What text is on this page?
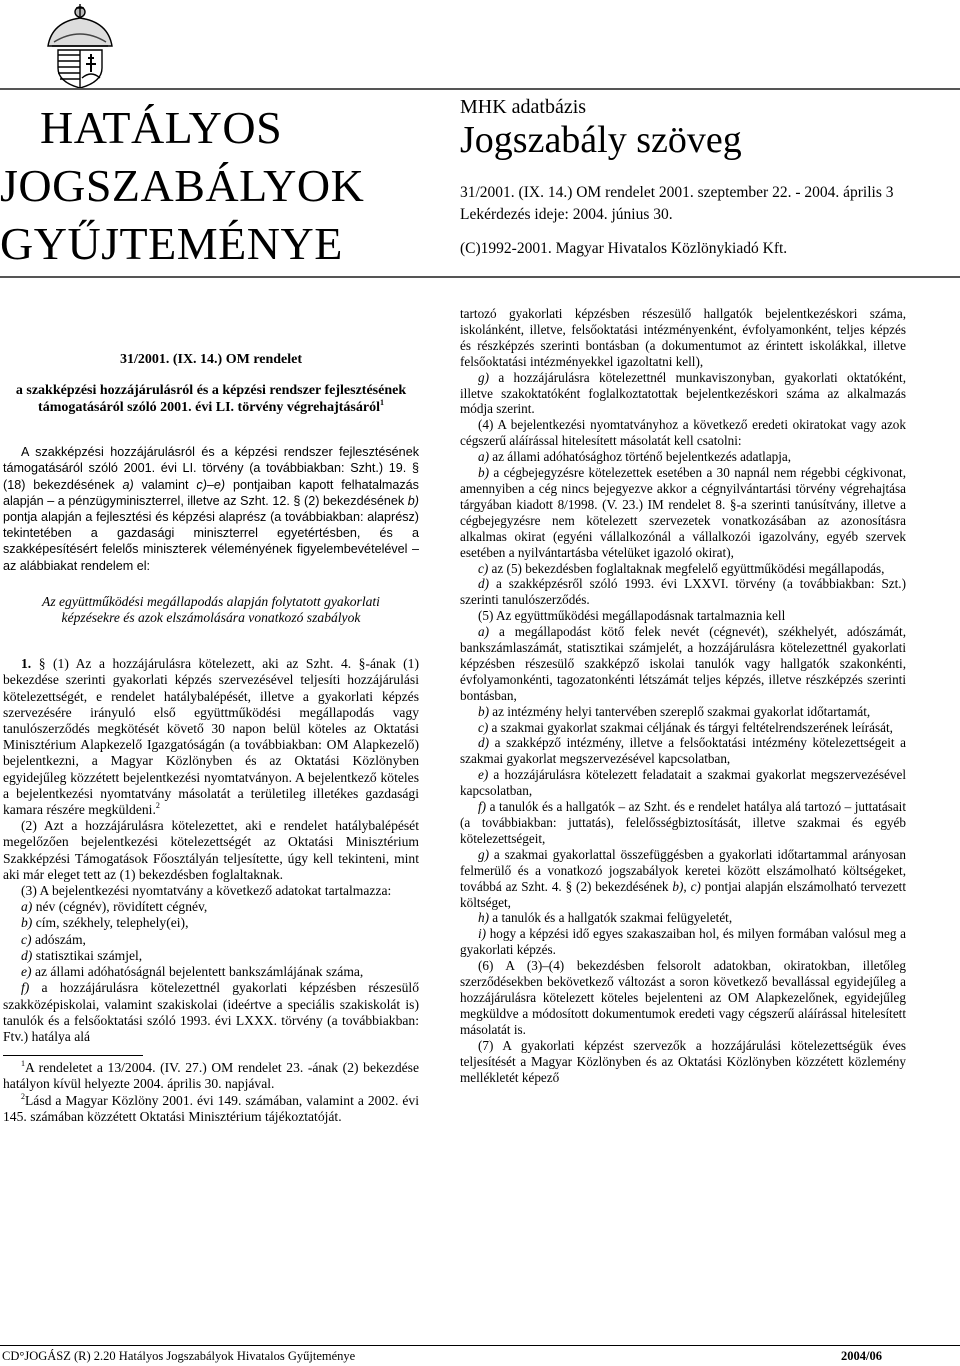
HATÁLYOS
JOGSZABÁLYOK
GYŰJTEMÉNYE
MHK adatbázis
Jogszabály szöveg
31/2001. (IX. 14.) OM rendelet 2001. szeptember 22. - 2004. április 3
Lekérdezés ideje: 2004. június 30.
(C)1992-2001. Magyar Hivatalos Közlönykiadó Kft.

31/2001. (IX. 14.) OM rendelet

a szakképzési hozzájárulásról és a képzési rendszer fejlesztésének támogatásáról szóló 2001. évi LI. törvény végrehajtásáról$^1$

A szakképzési hozzájárulásról és a képzési rendszer fejlesztésének támogatásáról szóló 2001. évi LI. törvény (a továbbiakban: Szht.) 19. § (18) bekezdésének a) valamint c)–e) pontjaiban kapott felhatalmazás alapján – a pénzügyminiszterrel, illetve az Szht. 12. § (2) bekezdésének b) pontja alapján a fejlesztési és képzési alaprész (a továbbiakban: alaprész) tekintetében a gazdasági miniszterrel egyetértésben, és a szakképesítésért felelős miniszterek véleményének figyelembevételével – az alábbiakat rendelem el:

Az együttműködési megállapodás alapján folytatott gyakorlati képzésekre és azok elszámolására vonatkozó szabályok

1. § (1) Az a hozzájárulásra kötelezett, aki az Szht. 4. §-ának (1) bekezdése szerinti gyakorlati képzés szervezésével teljesíti hozzájárulási kötelezettségét, e rendelet hatálybalépését, illetve a gyakorlati képzés szervezésére irányuló első együttműködési megállapodás vagy tanulószerződés megkötését követő 30 napon belül köteles az Oktatási Minisztérium Alapkezelő Igazgatóságán (a továbbiakban: OM Alapkezelő) bejelentkezni, a Magyar Közlönyben és az Oktatási Közlönyben egyidejűleg közzétett bejelentkezési nyomtatványon. A bejelentkező köteles a bejelentkezési nyomtatvány másolatát a területileg illetékes gazdasági kamara részére megküldeni.$^2$

(2) Azt a hozzájárulásra kötelezettet, aki e rendelet hatálybalépését megelőzően bejelentkezési kötelezettségét az Oktatási Minisztérium Szakképzési Támogatások Főosztályán teljesítette, úgy kell tekinteni, mint aki már eleget tett az (1) bekezdésben foglaltaknak.

(3) A bejelentkezési nyomtatvány a következő adatokat tartalmazza:

a) név (cégnév), rövidített cégnév,

b) cím, székhely, telephely(ei),

c) adószám,

d) statisztikai számjel,

e) az állami adóhatóságnál bejelentett bankszámlájának száma,

f) a hozzájárulásra kötelezettnél gyakorlati képzésben részesülő szakközépiskolai, valamint szakiskolai (ideértve a speciális szakiskolát is) tanulók és a felsőoktatási szóló 1993. évi LXXX. törvény (a továbbiakban: Ftv.) hatálya alá

$^1$A rendeletet a 13/2004. (IV. 27.) OM rendelet 23. -ának (2) bekezdése hatályon kívül helyezte 2004. április 30. napjával.

$^2$Lásd a Magyar Közlöny 2001. évi 149. számában, valamint a 2002. évi 145. számában közzétett Oktatási Minisztérium tájékoztatóját.

tartozó gyakorlati képzésben részesülő hallgatók bejelentkezéskori száma, iskolánként, illetve, felsőoktatási intézményenként, évfolyamonként, teljes képzés és részképzés szerinti bontásban (a dokumentumot az érintett iskolákkal, illetve felsőoktatási intézményekkel igazoltatni kell),

g) a hozzájárulásra kötelezettnél munkaviszonyban, gyakorlati oktatóként, illetve szakoktatóként foglalkoztatottak bejelentkezéskori száma az alkalmazás módja szerint.

(4) A bejelentkezési nyomtatványhoz a következő eredeti okiratokat vagy azok cégszerű aláírással hitelesített másolatát kell csatolni:

a) az állami adóhatósághoz történő bejelentkezés adatlapja,

b) a cégbejegyzésre kötelezettek esetében a 30 napnál nem régebbi cégkivonat, amennyiben a cég nincs bejegyezve akkor a cégnyilvántartási törvény végrehajtása tárgyában kiadott 8/1998. (V. 23.) IM rendelet 8. §-a szerinti tanúsítvány, illetve a cégbejegyzésre nem kötelezett szervezetek vonatkozásában az azonosításra alkalmas okirat (egyéni vállalkozónál a vállalkozói igazolvány, egyéb szervek esetében a nyilvántartásba vételüket igazoló okirat),

c) az (5) bekezdésben foglaltaknak megfelelő együttműködési megállapodás,

d) a szakképzésről szóló 1993. évi LXXVI. törvény (a továbbiakban: Szt.) szerinti tanulószerződés.

(5) Az együttműködési megállapodásnak tartalmaznia kell

a) a megállapodást kötő felek nevét (cégnevét), székhelyét, adószámát, bankszámlaszámát, statisztikai számjelét, a hozzájárulásra kötelezettnél gyakorlati képzésben részesülő szakképző iskolai tanulók vagy hallgatók szakonkénti, évfolyamonkénti, tagozatonkénti létszámát teljes képzés, illetve részképzés szerinti bontásban,

b) az intézmény helyi tantervében szereplő szakmai gyakorlat időtartamát,

c) a szakmai gyakorlat szakmai céljának és tárgyi feltételrendszerének leírását,

d) a szakképző intézmény, illetve a felsőoktatási intézmény kötelezettségeit a szakmai gyakorlat megszervezésével kapcsolatban,

e) a hozzájárulásra kötelezett feladatait a szakmai gyakorlat megszervezésével kapcsolatban,

f) a tanulók és a hallgatók – az Szht. és e rendelet hatálya alá tartozó – juttatásait (a továbbiakban: juttatás), felelősségbiztosítását, illetve szakmai és egyéb kötelezettségeit,

g) a szakmai gyakorlattal összefüggésben a gyakorlati időtartammal arányosan felmerülő és a vonatkozó jogszabályok keretei között elszámolható költségeket, továbbá az Szht. 4. § (2) bekezdésének b), c) pontjai alapján elszámolható tervezett költséget,

h) a tanulók és a hallgatók szakmai felügyeletét,

i) hogy a képzési idő egyes szakaszaiban hol, és milyen formában valósul meg a gyakorlati képzés.

(6) A (3)–(4) bekezdésben felsorolt adatokban, okiratokban, illetőleg szerződésekben bekövetkező változást a soron következő bevallással egyidejűleg a hozzájárulásra kötelezett köteles bejelenteni az OM Alapkezelőnek, egyidejűleg megküldve a módosított dokumentumok eredeti vagy cégszerű aláírással hitelesített másolatát is.

(7) A gyakorlati képzést szervezők a hozzájárulási kötelezettségük éves teljesítését a Magyar Közlönyben és az Oktatási Közlönyben közzétett közlemény mellékletét képező

CD°JOGÁSZ (R) 2.20 Hatályos Jogszabályok Hivatalos Gyűjteménye	2004/06
